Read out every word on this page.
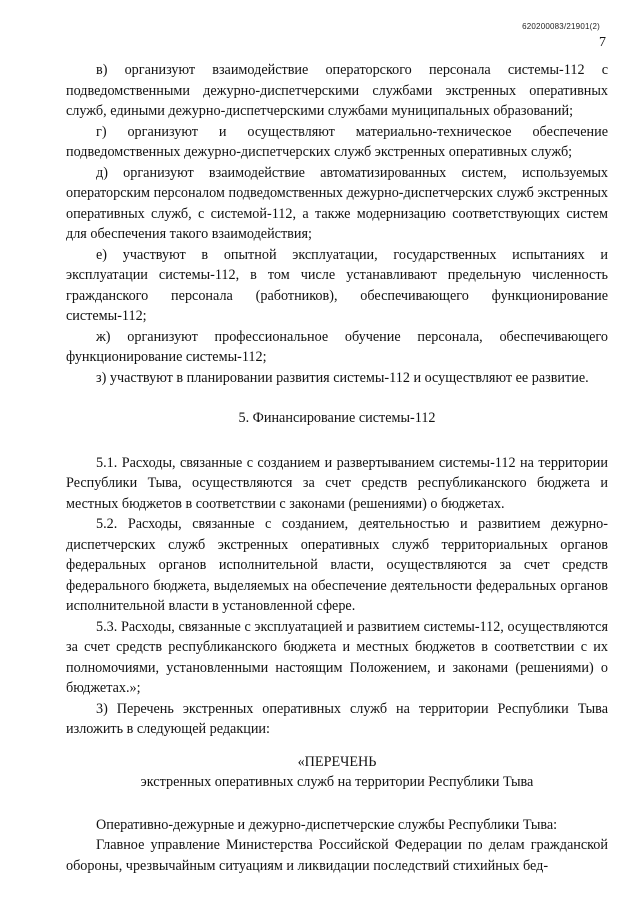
620200083/21901(2)
7

в) организуют взаимодействие операторского персонала системы-112 с подведомственными дежурно-диспетчерскими службами экстренных оперативных служб, едиными дежурно-диспетчерскими службами муниципальных образований;

г) организуют и осуществляют материально-техническое обеспечение подведомственных дежурно-диспетчерских служб экстренных оперативных служб;

д) организуют взаимодействие автоматизированных систем, используемых операторским персоналом подведомственных дежурно-диспетчерских служб экстренных оперативных служб, с системой-112, а также модернизацию соответствующих систем для обеспечения такого взаимодействия;

е) участвуют в опытной эксплуатации, государственных испытаниях и эксплуатации системы-112, в том числе устанавливают предельную численность гражданского персонала (работников), обеспечивающего функционирование системы-112;

ж) организуют профессиональное обучение персонала, обеспечивающего функционирование системы-112;

з) участвуют в планировании развития системы-112 и осуществляют ее развитие.

5. Финансирование системы-112

5.1. Расходы, связанные с созданием и развертыванием системы-112 на территории Республики Тыва, осуществляются за счет средств республиканского бюджета и местных бюджетов в соответствии с законами (решениями) о бюджетах.

5.2. Расходы, связанные с созданием, деятельностью и развитием дежурно-диспетчерских служб экстренных оперативных служб территориальных органов федеральных органов исполнительной власти, осуществляются за счет средств федерального бюджета, выделяемых на обеспечение деятельности федеральных органов исполнительной власти в установленной сфере.

5.3. Расходы, связанные с эксплуатацией и развитием системы-112, осуществляются за счет средств республиканского бюджета и местных бюджетов в соответствии с их полномочиями, установленными настоящим Положением, и законами (решениями) о бюджетах.»;

3) Перечень экстренных оперативных служб на территории Республики Тыва изложить в следующей редакции:

«ПЕРЕЧЕНЬ

экстренных оперативных служб на территории Республики Тыва

Оперативно-дежурные и дежурно-диспетчерские службы Республики Тыва:

Главное управление Министерства Российской Федерации по делам гражданской обороны, чрезвычайным ситуациям и ликвидации последствий стихийных бед-
